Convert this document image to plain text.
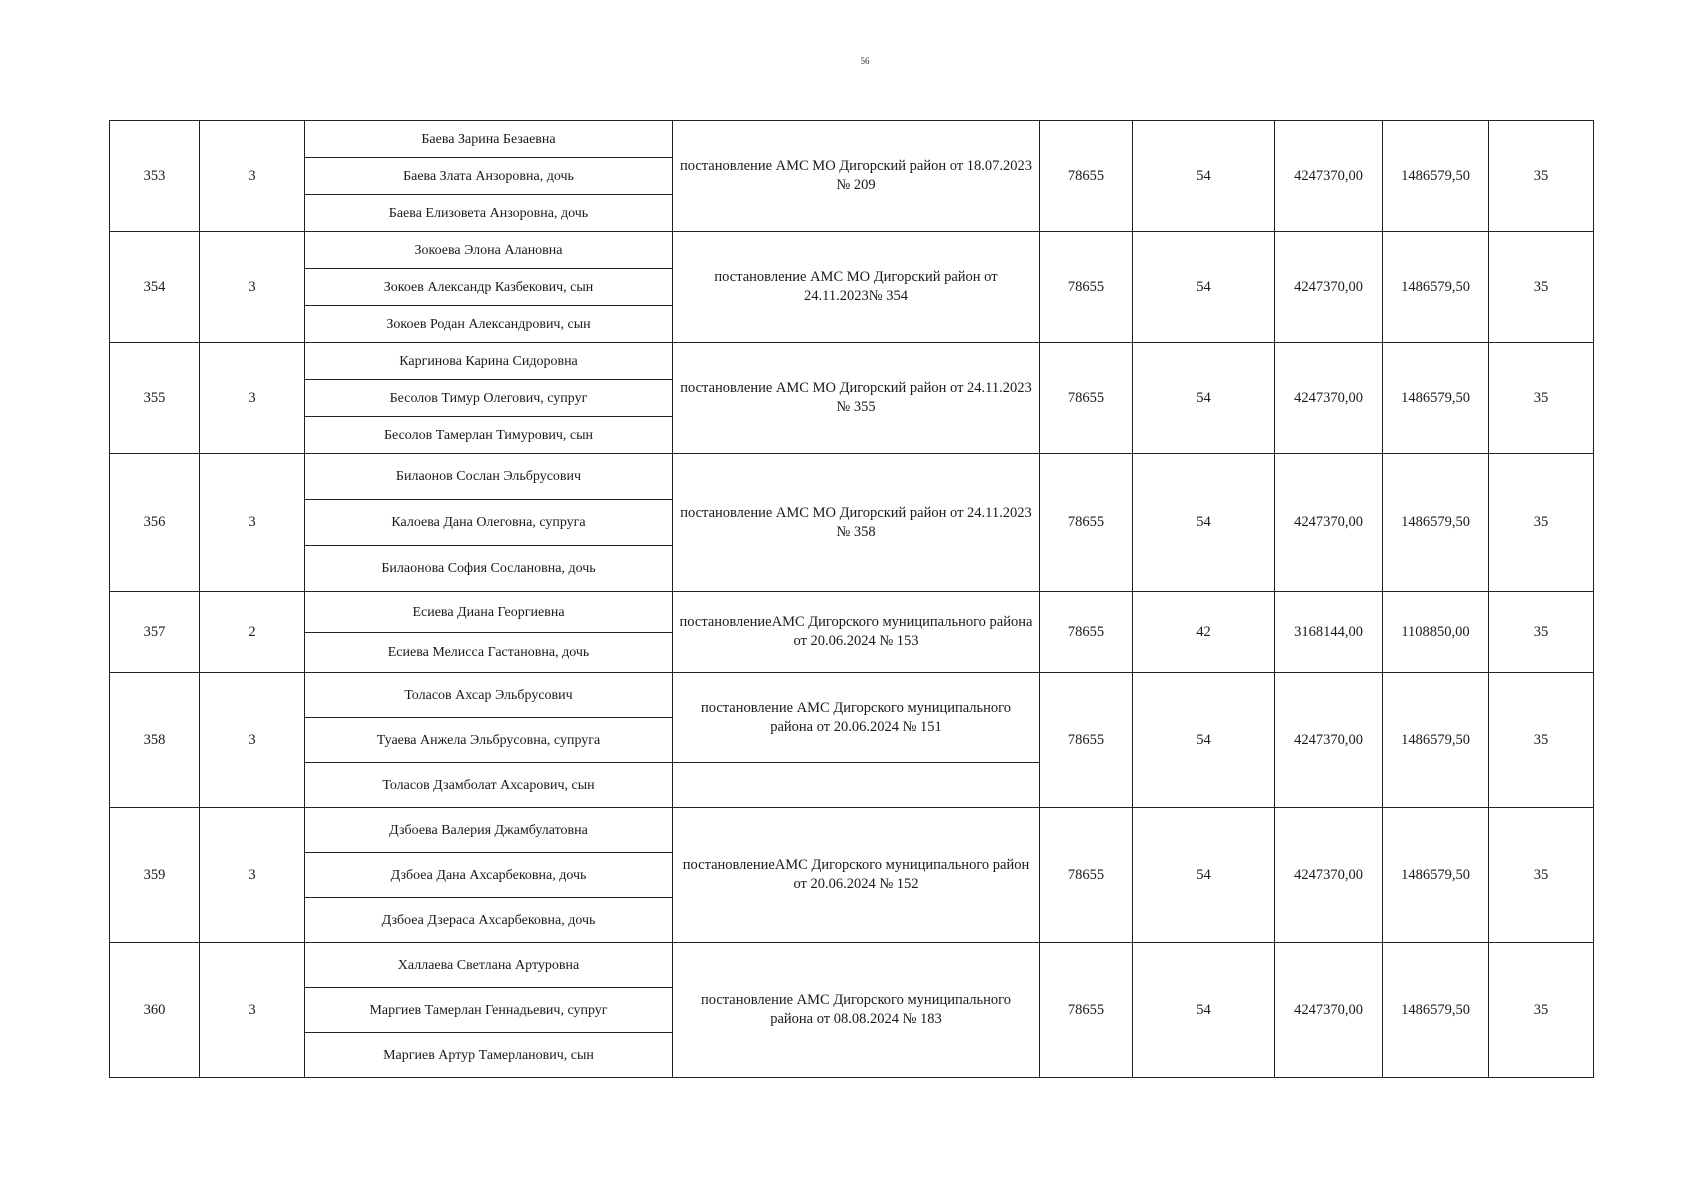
56
353	3	Баева Зарина Безаевна	постановление АМС МО Дигорский район от 18.07.2023 № 209	78655	54	4247370,00	1486579,50	35
		Баева Злата Анзоровна, дочь						
		Баева Елизовета Анзоровна, дочь						
354	3	Зокоева Элона Алановна	постановление АМС МО Дигорский район от 24.11.2023№ 354	78655	54	4247370,00	1486579,50	35
		Зокоев Александр Казбекович, сын						
		Зокоев Родан Александрович, сын						
355	3	Каргинова Карина Сидоровна	постановление АМС МО Дигорский район от 24.11.2023 № 355	78655	54	4247370,00	1486579,50	35
		Бесолов Тимур Олегович, супруг						
		Бесолов Тамерлан Тимурович, сын						
356	3	Билаонов Сослан Эльбрусович	постановление АМС МО Дигорский район от 24.11.2023 № 358	78655	54	4247370,00	1486579,50	35
		Калоева Дана Олеговна, супруга						
		Билаонова София Сослановна, дочь						
357	2	Есиева Диана Георгиевна	постановлениеАМС Дигорского муниципального района от 20.06.2024 № 153	78655	42	3168144,00	1108850,00	35
		Есиева Мелисса Гастановна, дочь						
358	3	Толасов Ахсар Эльбрусович	постановление АМС Дигорского муниципального района от 20.06.2024 № 151	78655	54	4247370,00	1486579,50	35
		Туаева Анжела Эльбрусовна, супруга						
		Толасов Дзамболат Ахсарович, сын						
359	3	Дзбоева Валерия Джамбулатовна	постановлениеАМС Дигорского муниципального район от 20.06.2024 № 152	78655	54	4247370,00	1486579,50	35
		Дзбоеа Дана Ахсарбековна, дочь						
		Дзбоеа Дзераса Ахсарбековна, дочь						
360	3	Халлаева Светлана Артуровна	постановление АМС Дигорского муниципального района от 08.08.2024 № 183	78655	54	4247370,00	1486579,50	35
		Маргиев Тамерлан Геннадьевич, супруг						
		Маргиев Артур Тамерланович, сын						
